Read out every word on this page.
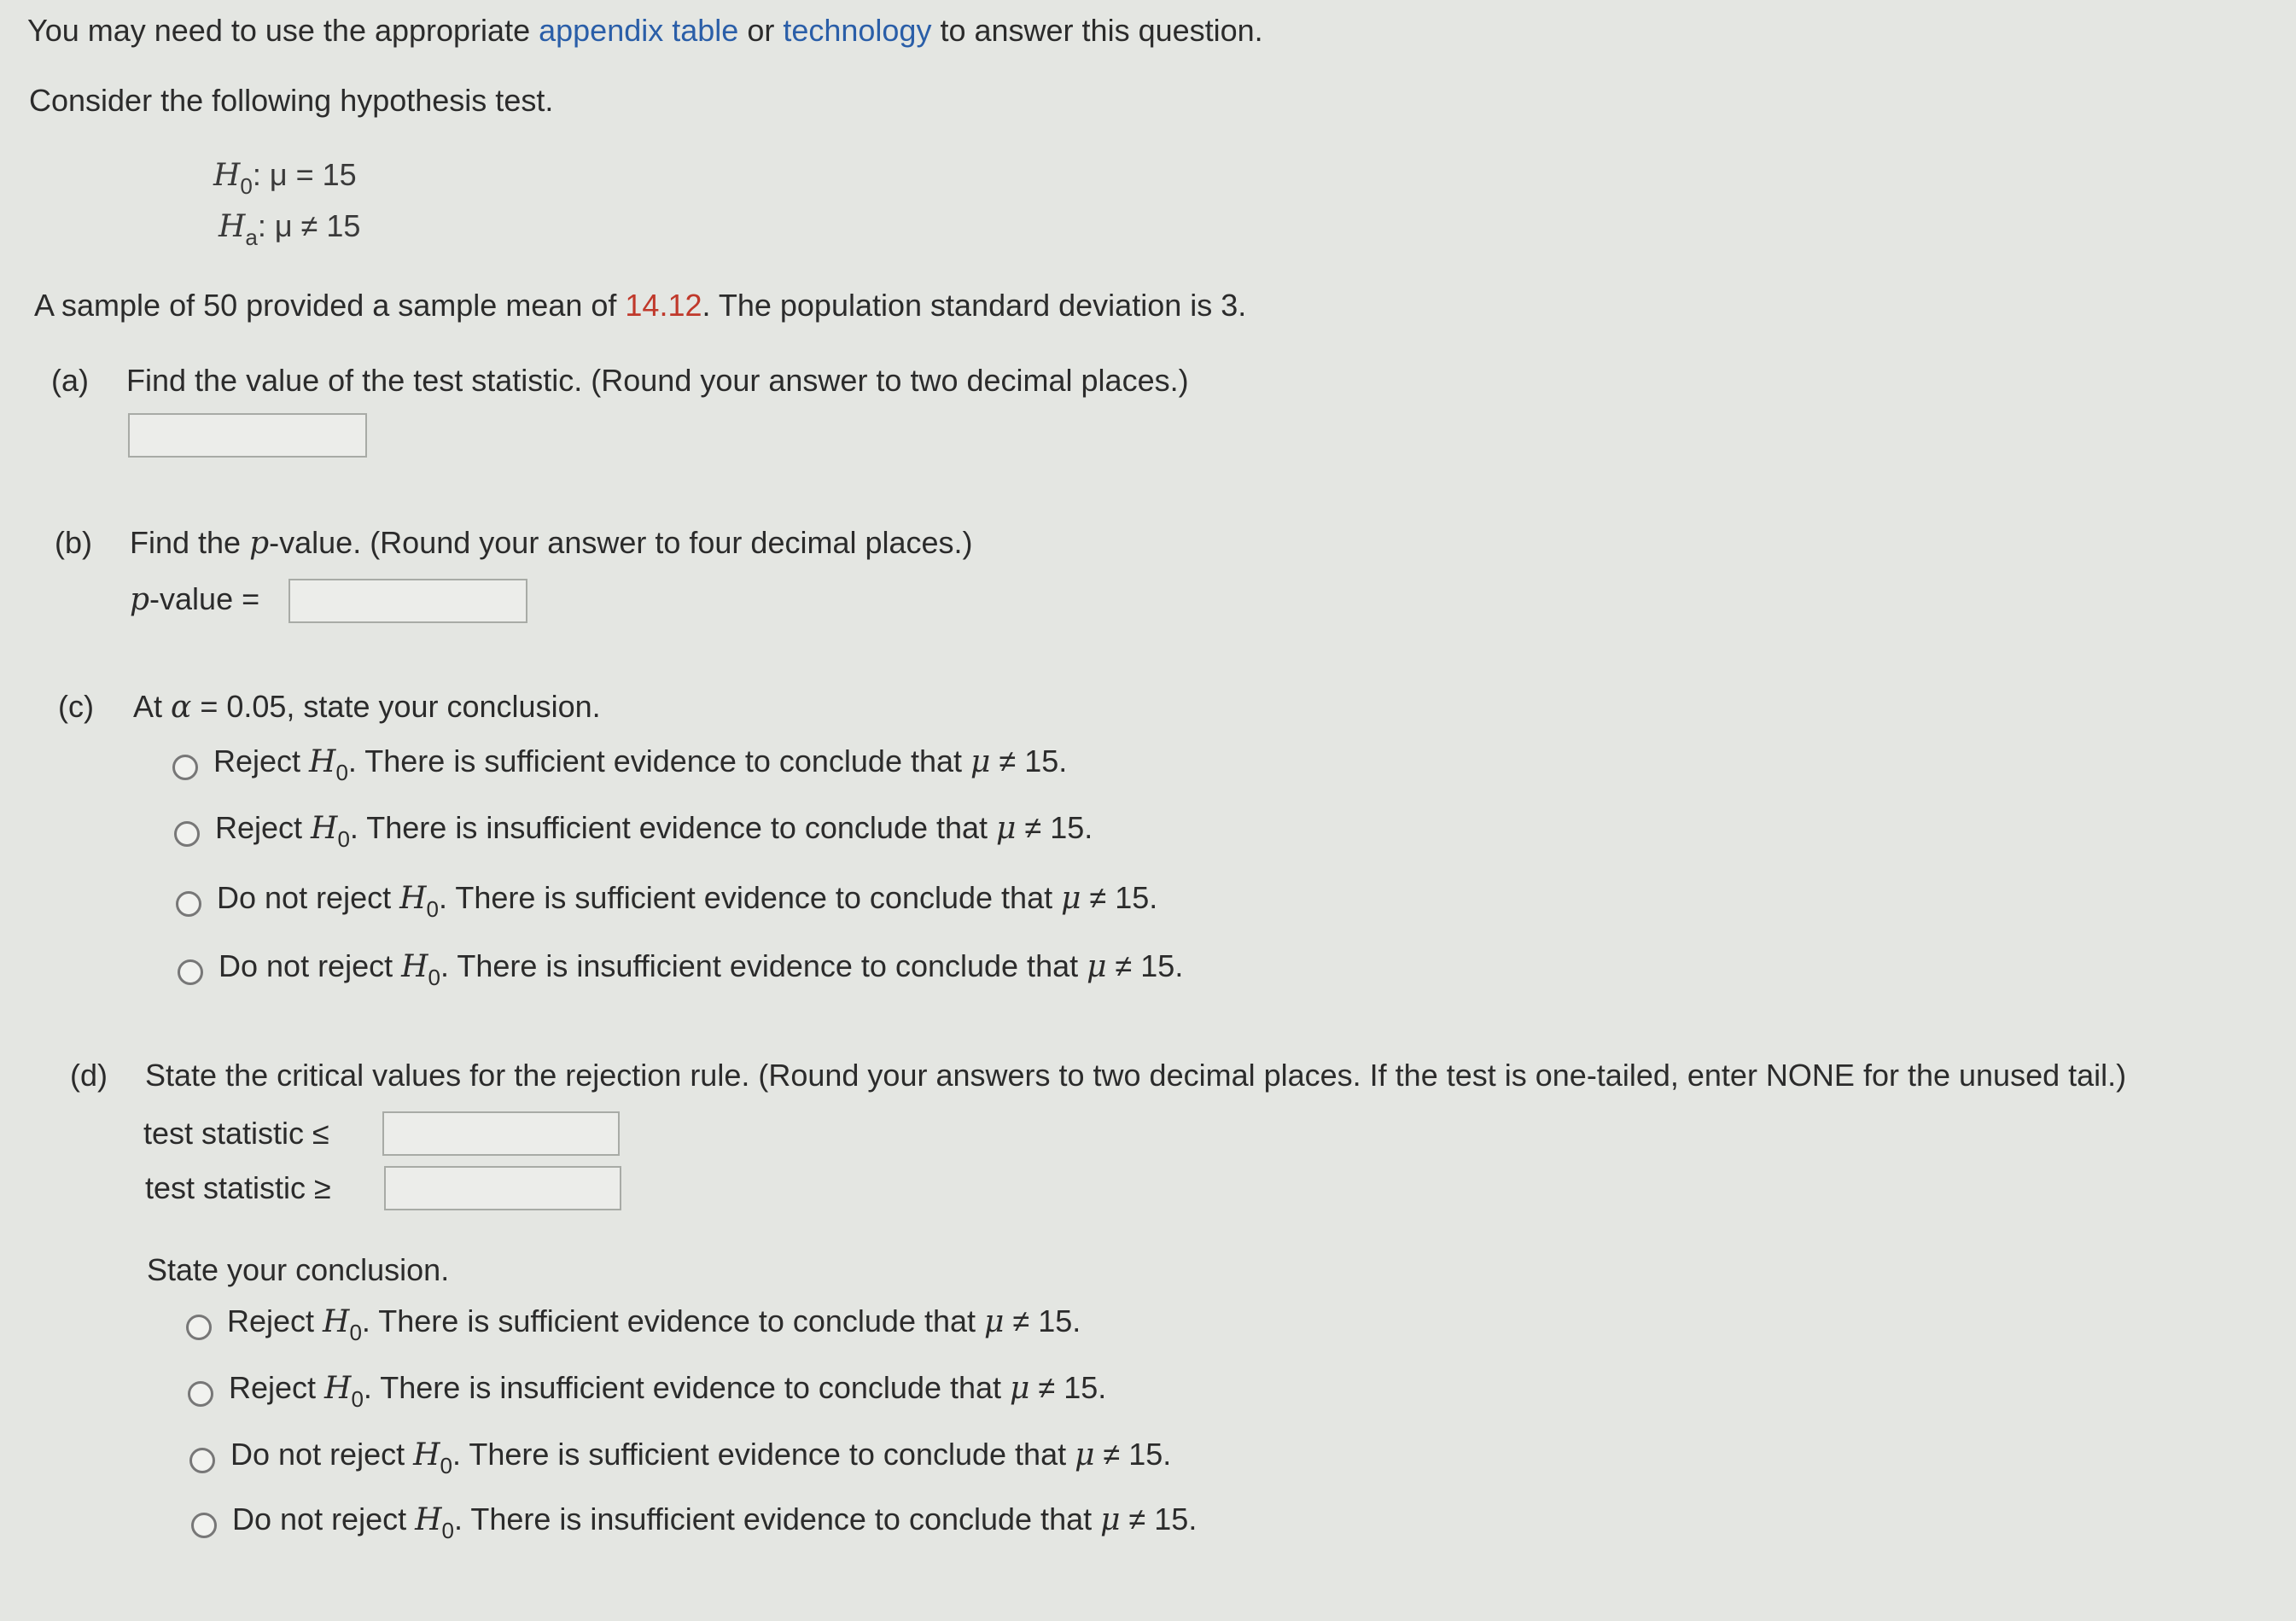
You may need to use the appropriate appendix table or technology to answer this question.
Consider the following hypothesis test.
$H_0$: μ = 15
$H_a$: μ ≠ 15
A sample of 50 provided a sample mean of 14.12. The population standard deviation is 3.
(a) Find the value of the test statistic. (Round your answer to two decimal places.)
(b) Find the p-value. (Round your answer to four decimal places.)
p-value =
(c) At α = 0.05, state your conclusion.
Reject $H_0$. There is sufficient evidence to conclude that μ ≠ 15.
Reject $H_0$. There is insufficient evidence to conclude that μ ≠ 15.
Do not reject $H_0$. There is sufficient evidence to conclude that μ ≠ 15.
Do not reject $H_0$. There is insufficient evidence to conclude that μ ≠ 15.
(d) State the critical values for the rejection rule. (Round your answers to two decimal places. If the test is one-tailed, enter NONE for the unused tail.)
test statistic ≤
test statistic ≥
State your conclusion.
Reject $H_0$. There is sufficient evidence to conclude that μ ≠ 15.
Reject $H_0$. There is insufficient evidence to conclude that μ ≠ 15.
Do not reject $H_0$. There is sufficient evidence to conclude that μ ≠ 15.
Do not reject $H_0$. There is insufficient evidence to conclude that μ ≠ 15.
